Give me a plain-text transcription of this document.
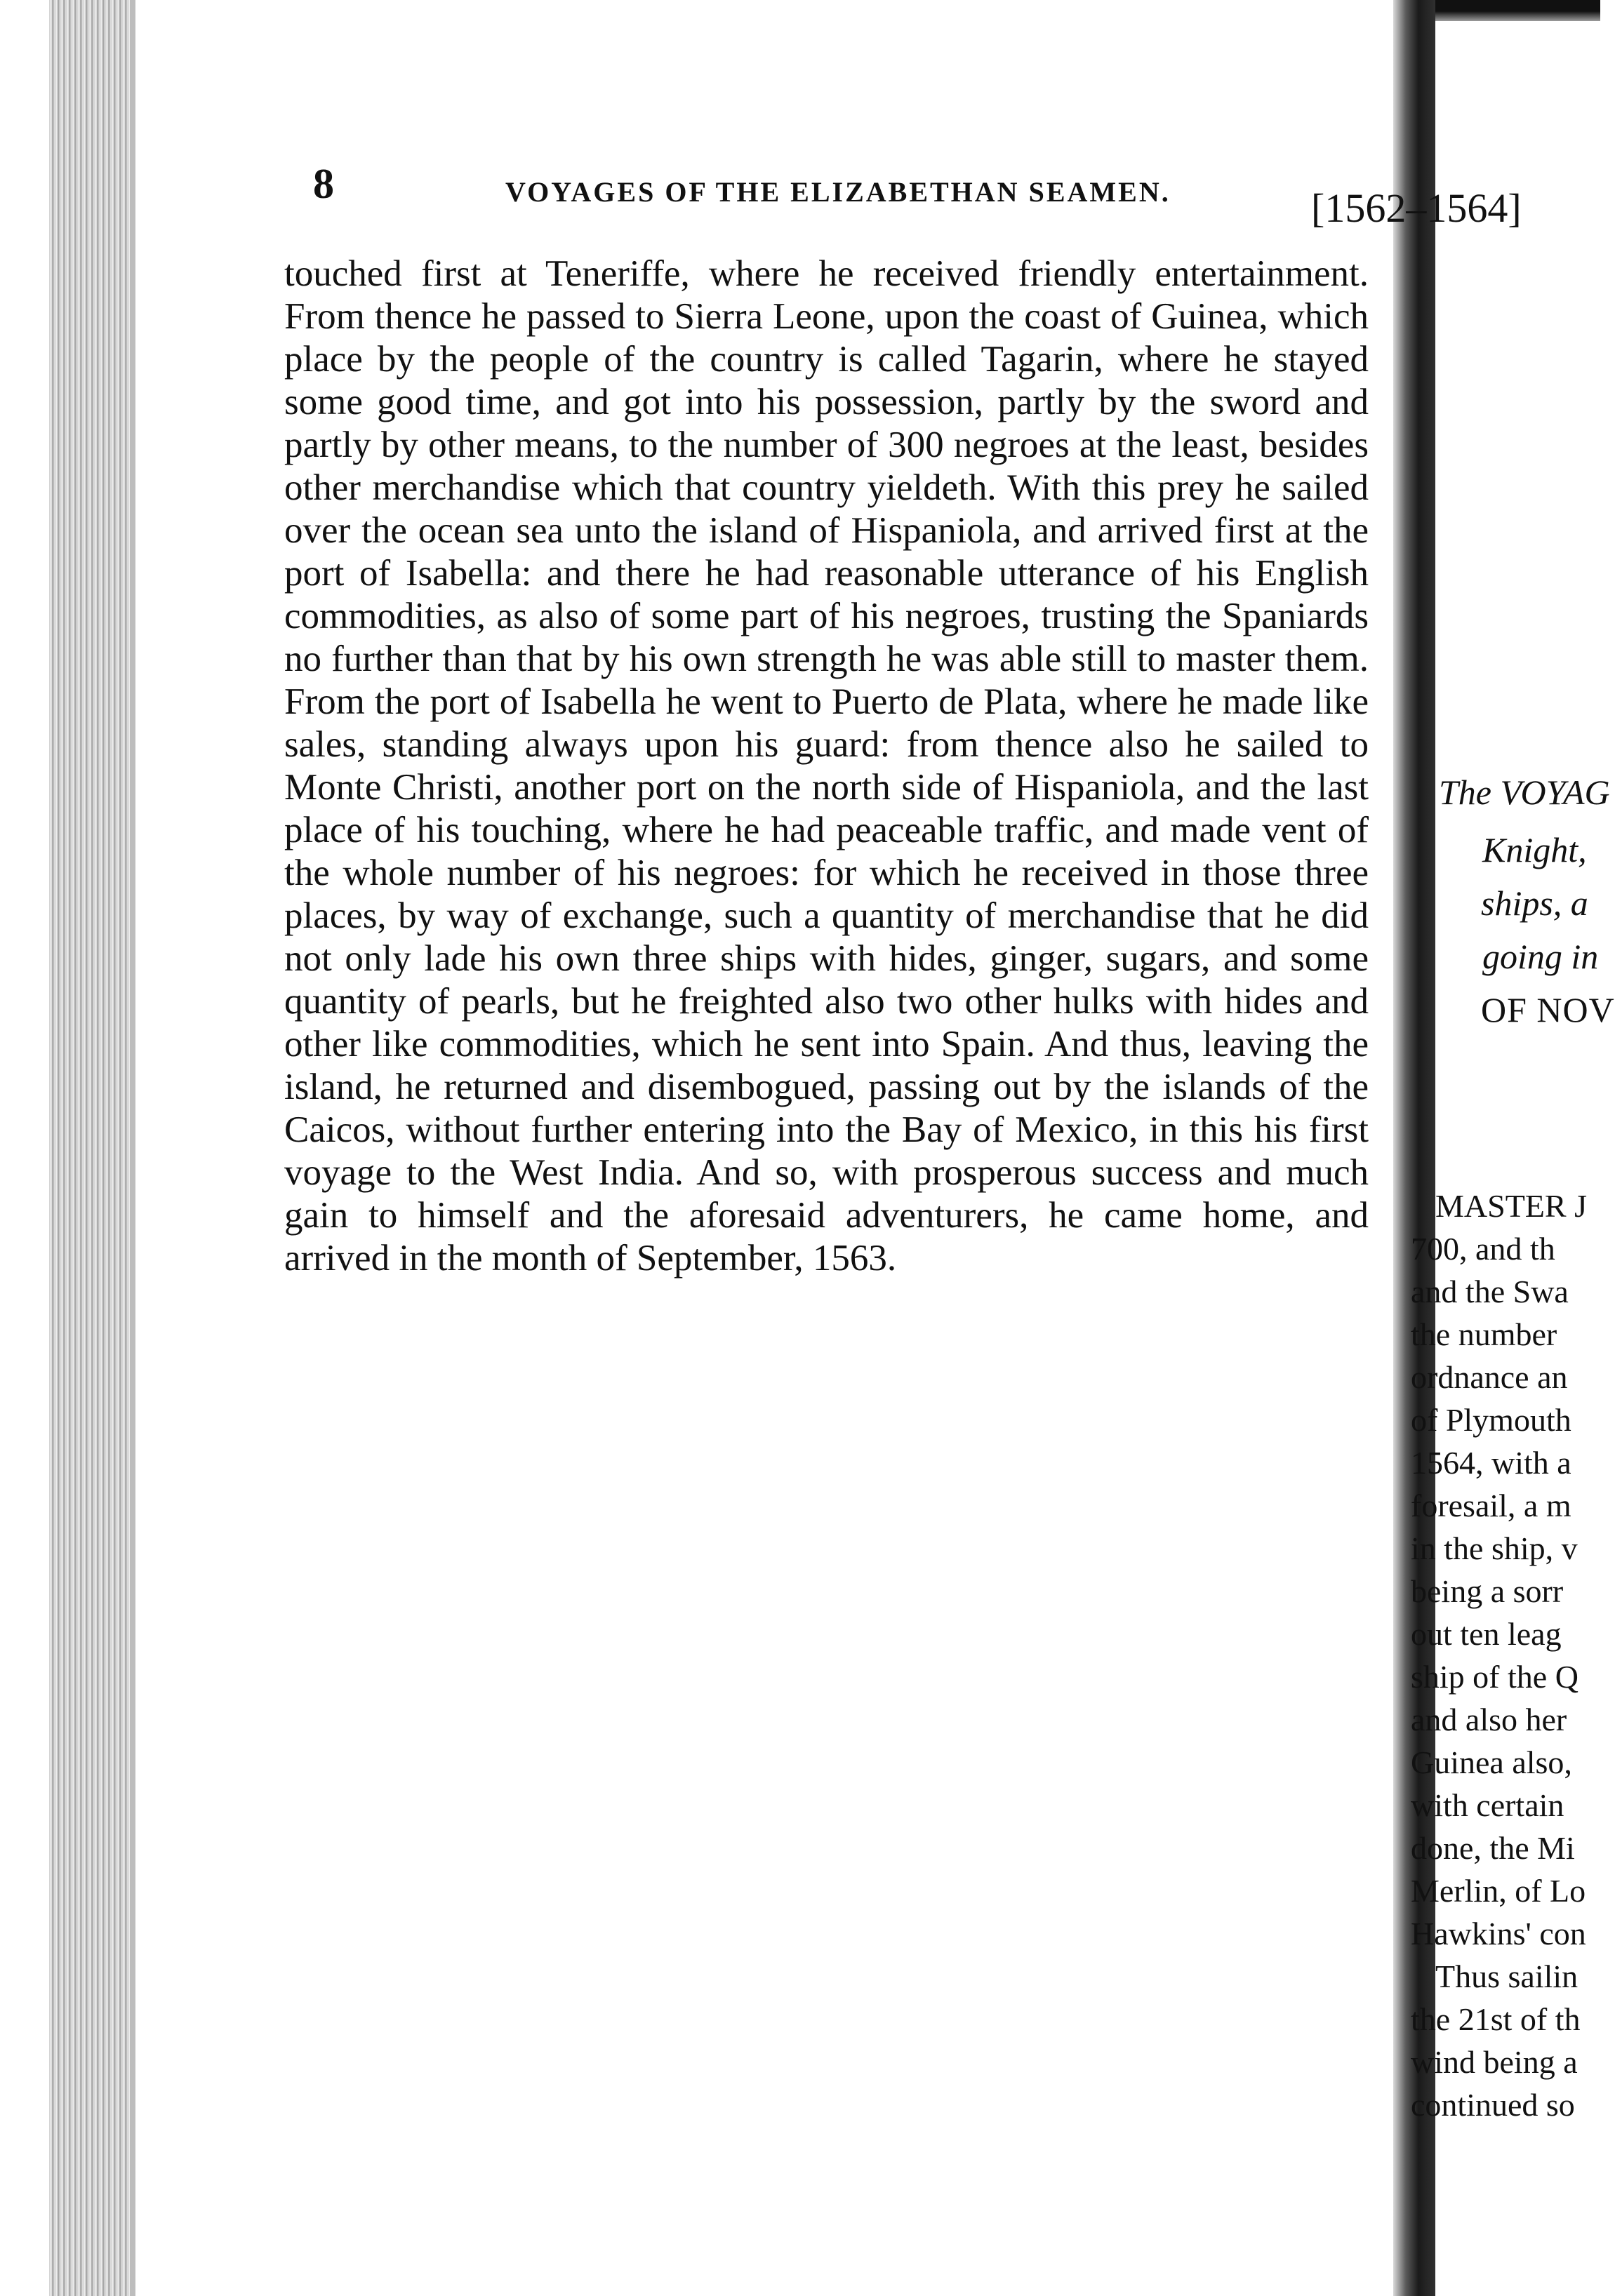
8	VOYAGES OF THE ELIZABETHAN SEAMEN.

touched first at Teneriffe, where he received friendly entertainment. From thence he passed to Sierra Leone, upon the coast of Guinea, which place by the people of the country is called Tagarin, where he stayed some good time, and got into his possession, partly by the sword and partly by other means, to the number of 300 negroes at the least, besides other merchandise which that country yieldeth. With this prey he sailed over the ocean sea unto the island of Hispaniola, and arrived first at the port of Isabella: and there he had reasonable utterance of his English commodities, as also of some part of his negroes, trusting the Spaniards no further than that by his own strength he was able still to master them. From the port of Isabella he went to Puerto de Plata, where he made like sales, standing always upon his guard: from thence also he sailed to Monte Christi, another port on the north side of Hispaniola, and the last place of his touching, where he had peaceable traffic, and made vent of the whole number of his negroes: for which he received in those three places, by way of exchange, such a quantity of merchandise that he did not only lade his own three ships with hides, ginger, sugars, and some quantity of pearls, but he freighted also two other hulks with hides and other like commodities, which he sent into Spain. And thus, leaving the island, he returned and disembogued, passing out by the islands of the Caicos, without further entering into the Bay of Mexico, in this his first voyage to the West India. And so, with prosperous success and much gain to himself and the aforesaid adventurers, he came home, and arrived in the month of September, 1563.

[1562–1564]
The VOYAG
Knight,
ships, a
going in
OF NOV
MASTER J
700, and th
and the Swa
the number
ordnance an
of Plymouth
1564, with a
foresail, a m
in the ship, v
being a sorr
out ten leag
ship of the Q
and also her
Guinea also,
with certain
done, the Mi
Merlin, of Lo
Hawkins' con
Thus sailin
the 21st of th
wind being a
continued so
